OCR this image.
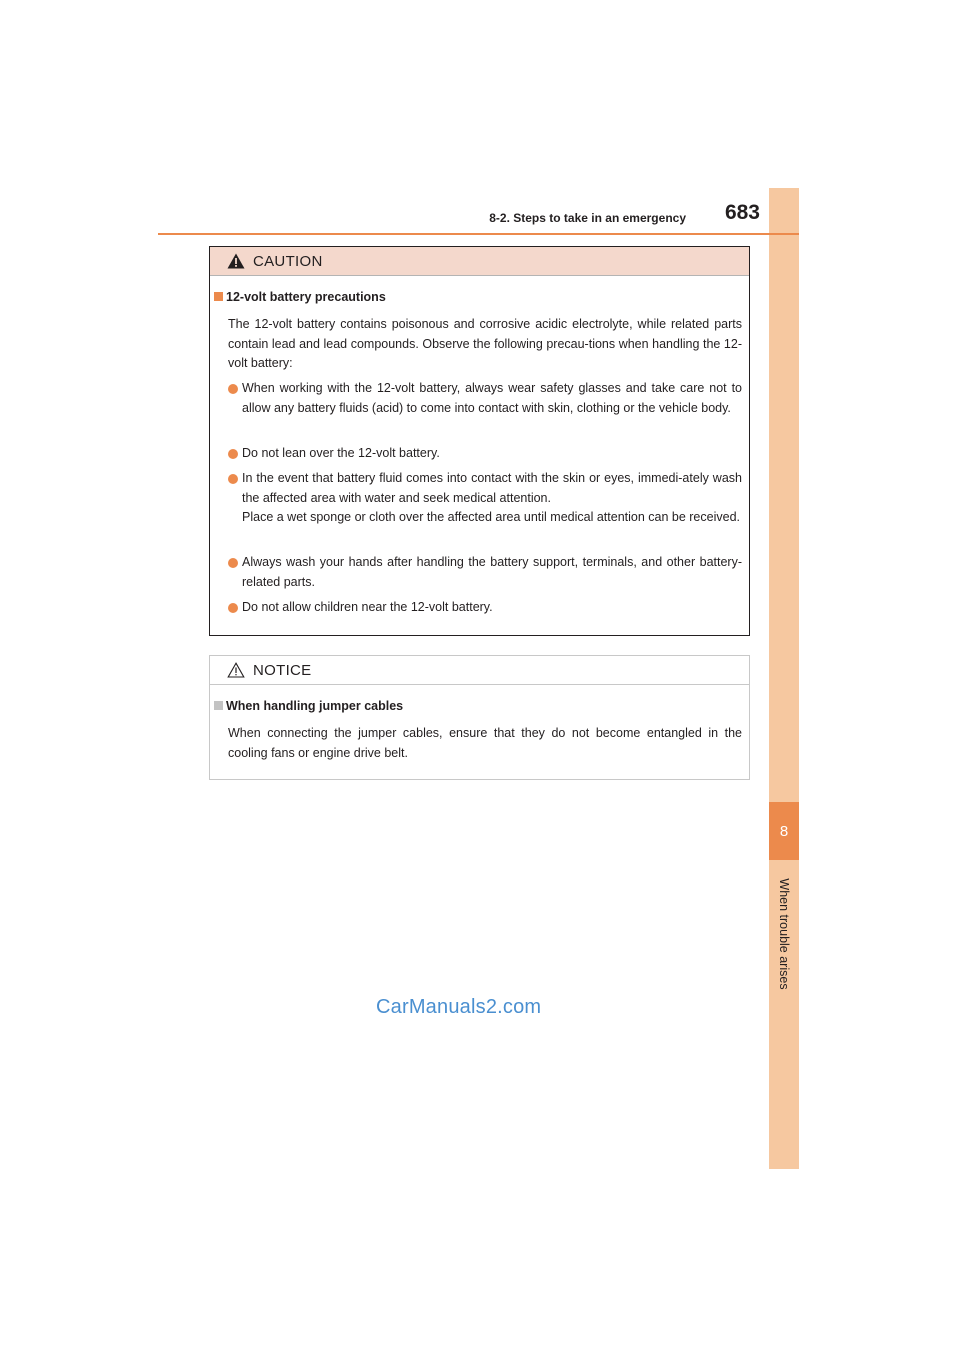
8
When trouble arises
8-2. Steps to take in an emergency	683
CAUTION
12-volt battery precautions
The 12-volt battery contains poisonous and corrosive acidic electrolyte, while related parts contain lead and lead compounds. Observe the following precau-tions when handling the 12-volt battery:
When working with the 12-volt battery, always wear safety glasses and take care not to allow any battery fluids (acid) to come into contact with skin, clothing or the vehicle body.
Do not lean over the 12-volt battery.
In the event that battery fluid comes into contact with the skin or eyes, immedi-ately wash the affected area with water and seek medical attention.
Place a wet sponge or cloth over the affected area until medical attention can be received.
Always wash your hands after handling the battery support, terminals, and other battery-related parts.
Do not allow children near the 12-volt battery.
NOTICE
When handling jumper cables
When connecting the jumper cables, ensure that they do not become entangled in the cooling fans or engine drive belt.
CarManuals2.com
